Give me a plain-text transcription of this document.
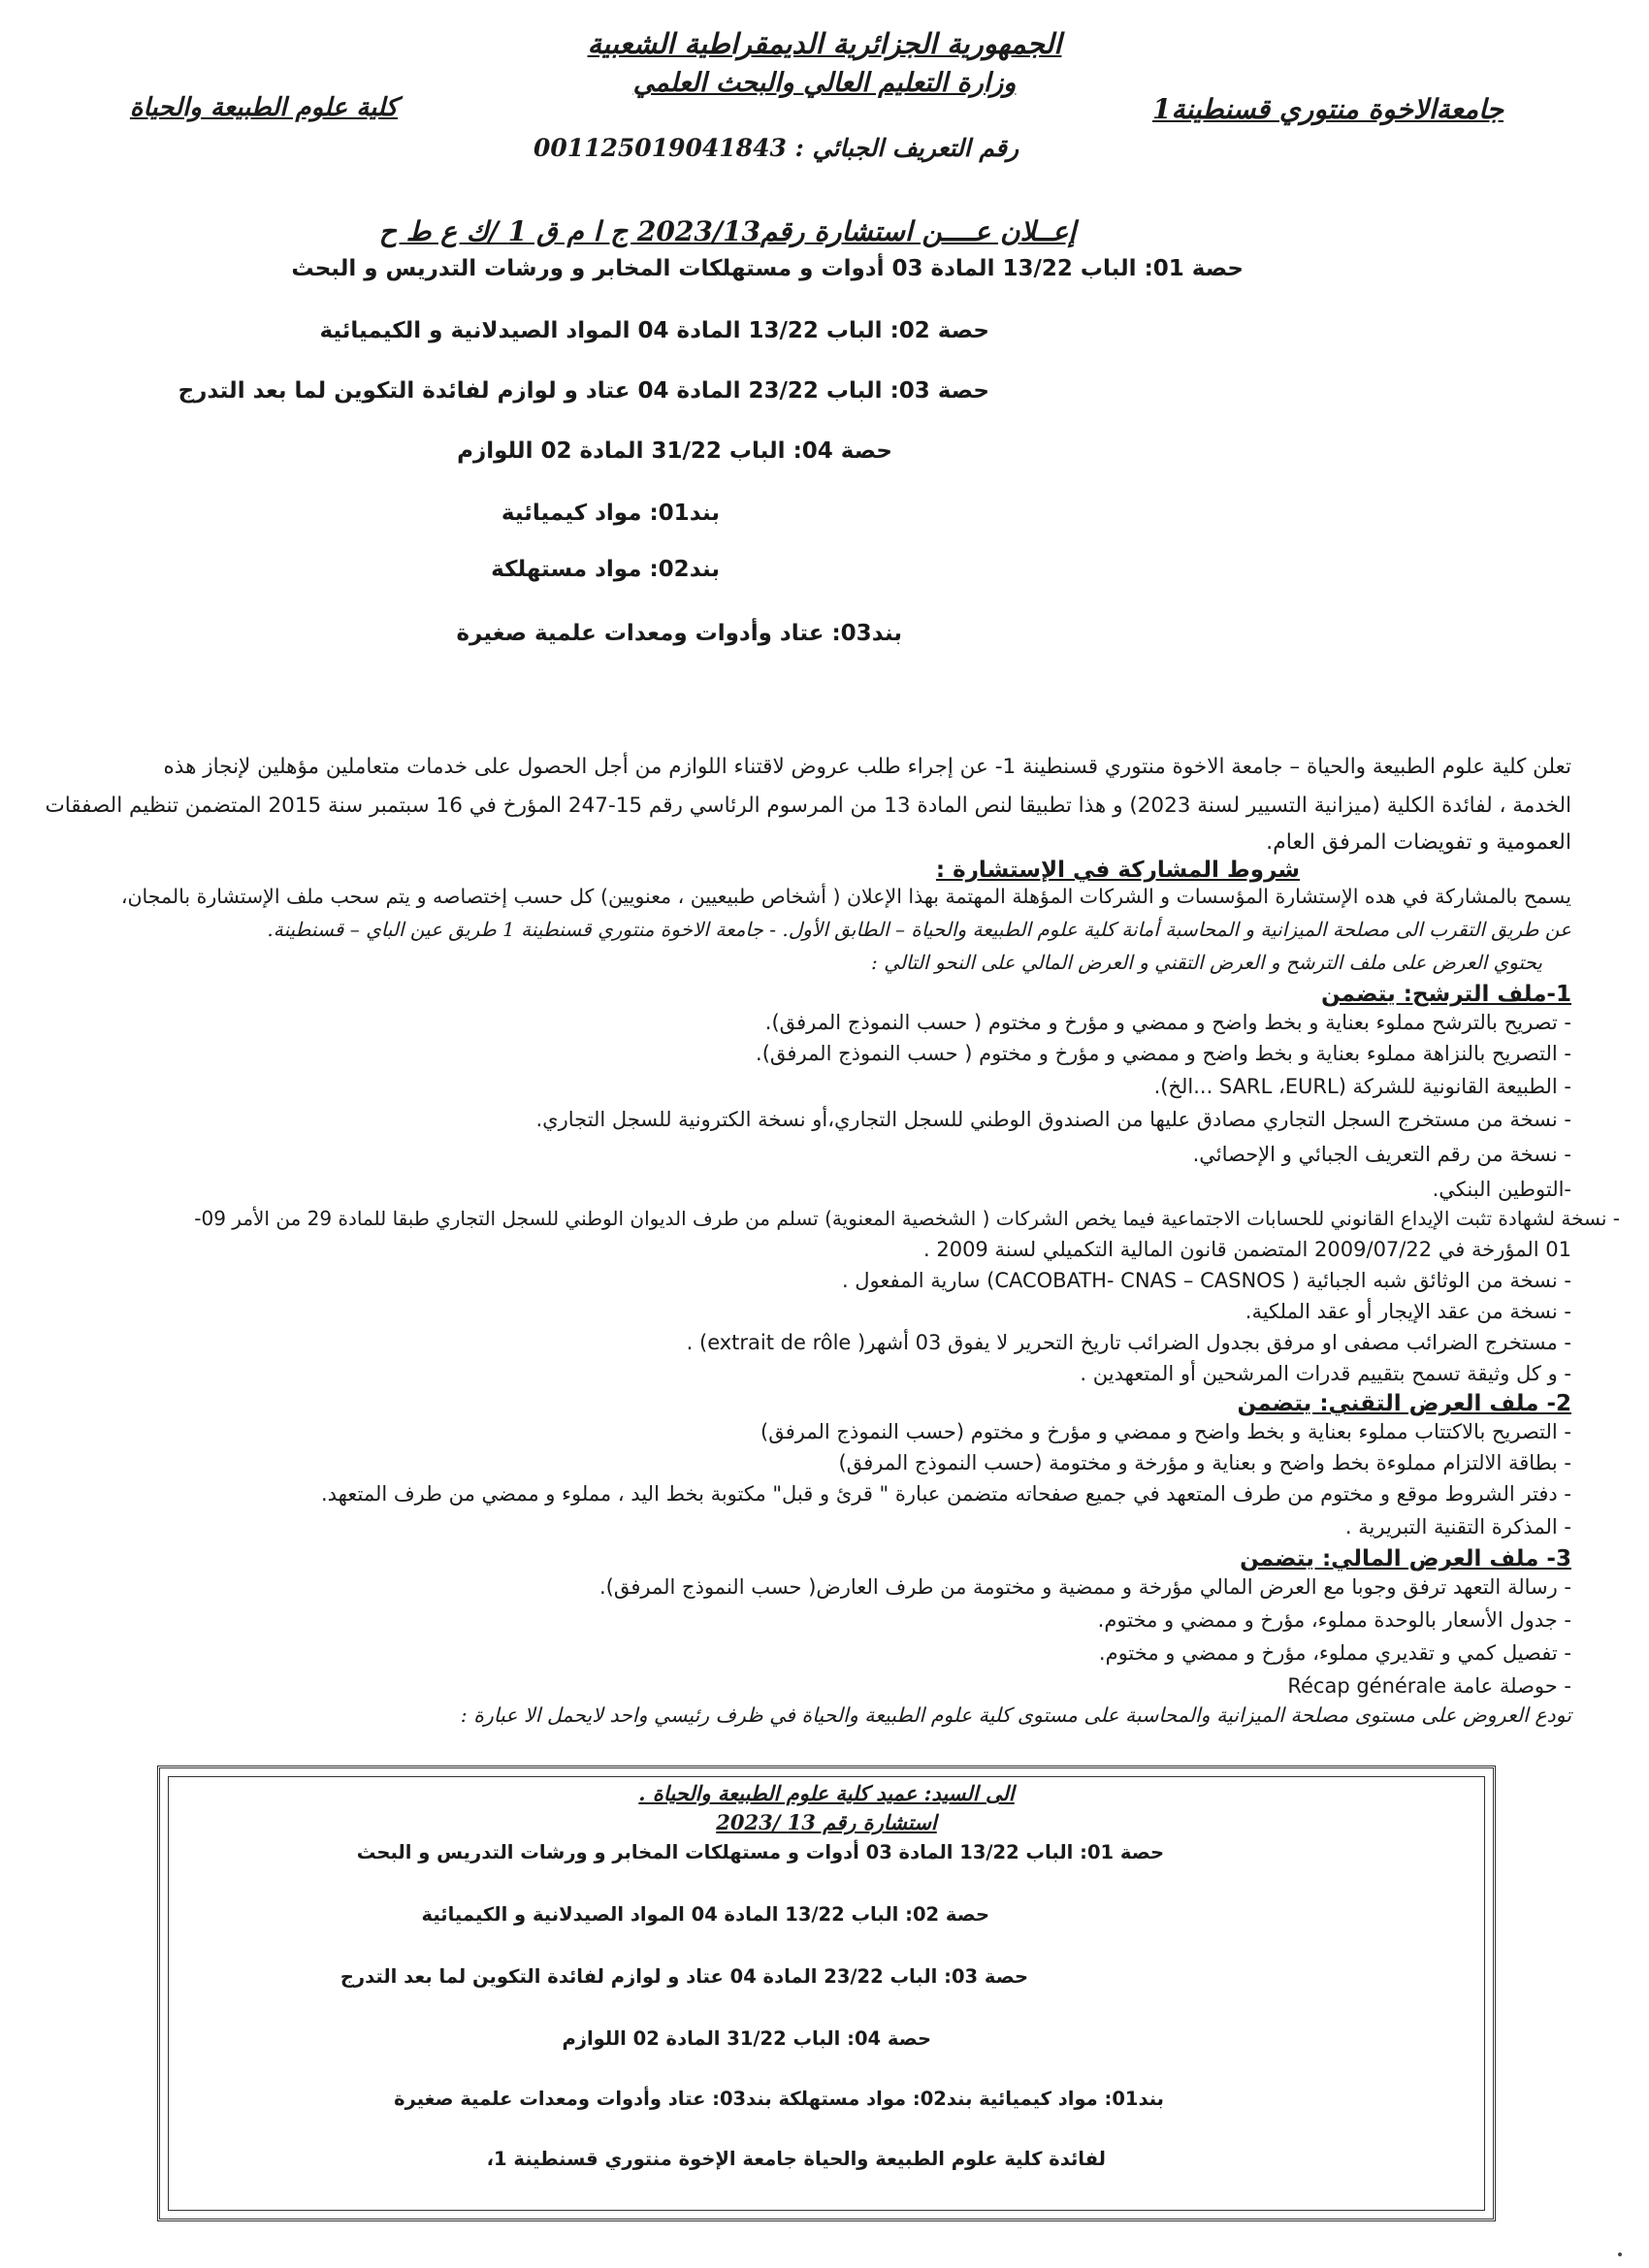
الجمهورية الجزائرية الديمقراطية الشعبية
وزارة التعليم العالي والبحث العلمي
جامعةالاخوة منتوري قسنطينة1
كلية علوم الطبيعة والحياة
رقم التعريف الجبائي : 001125019041843
إعــلان عــــن استشارة رقم2023/13 ج ا م ق 1 /ك ع ط ح
حصة 01: الباب 13/22 المادة 03 أدوات و مستهلكات المخابر و ورشات التدريس و البحث
حصة 02: الباب 13/22 المادة 04 المواد الصيدلانية و الكيميائية
حصة 03: الباب 23/22 المادة 04 عتاد و لوازم لفائدة التكوين لما بعد التدرج
حصة 04: الباب 31/22 المادة 02 اللوازم
بند01: مواد كيميائية
بند02: مواد مستهلكة
بند03: عتاد وأدوات ومعدات علمية صغيرة
تعلن كلية علوم الطبيعة والحياة – جامعة الاخوة منتوري قسنطينة 1- عن إجراء طلب عروض لاقتناء اللوازم من أجل الحصول على خدمات متعاملين مؤهلين لإنجاز هذه
الخدمة ، لفائدة الكلية (ميزانية التسيير لسنة 2023) و هذا تطبيقا لنص المادة 13 من المرسوم الرئاسي رقم 15-247 المؤرخ في 16 سبتمبر سنة 2015 المتضمن تنظيم الصفقات
العمومية و تفويضات المرفق العام.
شروط المشاركة في الإستشارة :
يسمح بالمشاركة في هده الإستشارة المؤسسات و الشركات المؤهلة المهتمة بهذا الإعلان ( أشخاص طبيعيين ، معنويين) كل حسب إختصاصه و يتم سحب ملف الإستشارة بالمجان،
عن طريق التقرب الى مصلحة الميزانية و المحاسبة أمانة كلية علوم الطبيعة والحياة – الطابق الأول. - جامعة الاخوة منتوري قسنطينة 1 طريق عين الباي – قسنطينة.
يحتوي العرض على ملف الترشح و العرض التقني و العرض المالي على النحو التالي :
1-ملف الترشح: يتضمن
- تصريح بالترشح مملوء بعناية و بخط واضح و ممضي و مؤرخ و مختوم ( حسب النموذج المرفق).
- التصريح بالنزاهة مملوء بعناية و بخط واضح و ممضي و مؤرخ و مختوم ( حسب النموذج المرفق).
- الطبيعة القانونية للشركة (SARL ،EURL ...الخ).
- نسخة من مستخرج السجل التجاري مصادق عليها من الصندوق الوطني للسجل التجاري،أو نسخة الكترونية للسجل التجاري.
- نسخة من رقم التعريف الجبائي و الإحصائي.
-التوطين البنكي.
- نسخة لشهادة تثبت الإيداع القانوني للحسابات الاجتماعية فيما يخص الشركات ( الشخصية المعنوية) تسلم من طرف الديوان الوطني للسجل التجاري طبقا للمادة 29 من الأمر 09-
01 المؤرخة في 2009/07/22 المتضمن قانون المالية التكميلي لسنة 2009 .
- نسخة من الوثائق شبه الجبائية ( CACOBATH- CNAS – CASNOS) سارية المفعول .
- نسخة من عقد الإيجار أو عقد الملكية.
- مستخرج الضرائب مصفى او مرفق بجدول الضرائب تاريخ التحرير لا يفوق 03 أشهر( extrait de rôle) .
- و كل وثيقة تسمح بتقييم قدرات المرشحين أو المتعهدين .
2- ملف العرض التقني: يتضمن
- التصريح بالاكتتاب مملوء بعناية و بخط واضح و ممضي و مؤرخ و مختوم (حسب النموذج المرفق)
- بطاقة الالتزام مملوءة بخط واضح و بعناية و مؤرخة و مختومة (حسب النموذج المرفق)
- دفتر الشروط موقع و مختوم من طرف المتعهد في جميع صفحاته متضمن عبارة " قرئ و قبل" مكتوبة بخط اليد ، مملوء و ممضي من طرف المتعهد.
- المذكرة التقنية التبريرية .
3- ملف العرض المالي: يتضمن
- رسالة التعهد ترفق وجوبا مع العرض المالي مؤرخة و ممضية و مختومة من طرف العارض( حسب النموذج المرفق).
- جدول الأسعار بالوحدة مملوء، مؤرخ و ممضي و مختوم.
- تفصيل كمي و تقديري مملوء، مؤرخ و ممضي و مختوم.
- حوصلة عامة Récap générale
تودع العروض على مستوى مصلحة الميزانية والمحاسبة على مستوى كلية علوم الطبيعة والحياة في ظرف رئيسي واحد لايحمل الا عبارة :
الى السيد: عميد كلية علوم الطبيعة والحياة .
استشارة رقم 13 /2023
حصة 01: الباب 13/22 المادة 03 أدوات و مستهلكات المخابر و ورشات التدريس و البحث
حصة 02: الباب 13/22 المادة 04 المواد الصيدلانية و الكيميائية
حصة 03: الباب 23/22 المادة 04 عتاد و لوازم لفائدة التكوين لما بعد التدرج
حصة 04: الباب 31/22 المادة 02 اللوازم
بند01: مواد كيميائية بند02: مواد مستهلكة بند03: عتاد وأدوات ومعدات علمية صغيرة
لفائدة كلية علوم الطبيعة والحياة جامعة الإخوة منتوري قسنطينة 1،
